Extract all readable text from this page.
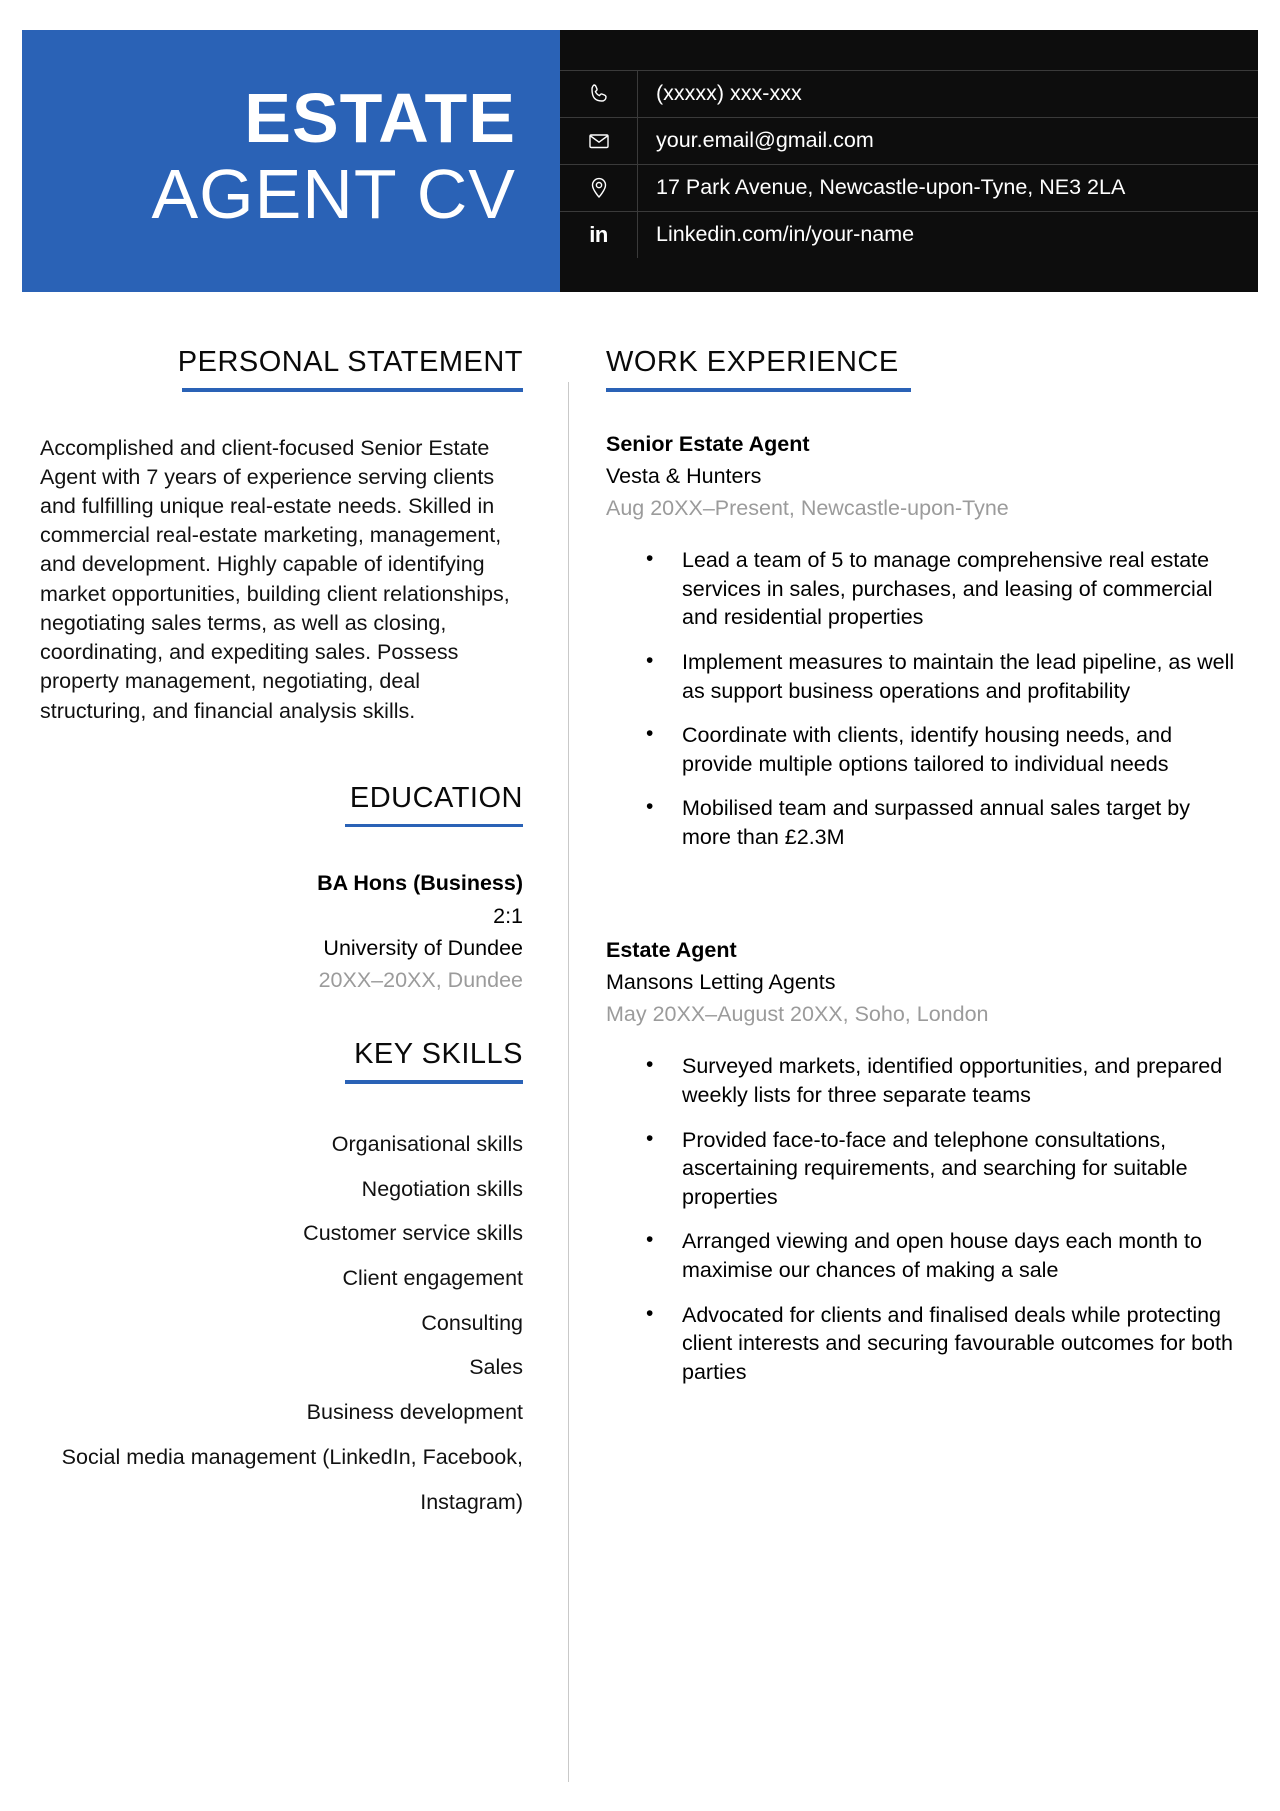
ESTATE
AGENT CV
(xxxxx) xxx-xxx
your.email@gmail.com
17 Park Avenue, Newcastle-upon-Tyne, NE3 2LA
in	Linkedin.com/in/your-name
PERSONAL STATEMENT

Accomplished and client-focused Senior Estate Agent with 7 years of experience serving clients and fulfilling unique real-estate needs. Skilled in commercial real-estate marketing, management, and development. Highly capable of identifying market opportunities, building client relationships, negotiating sales terms, as well as closing, coordinating, and expediting sales. Possess property management, negotiating, deal structuring, and financial analysis skills.

EDUCATION
BA Hons (Business)
2:1
University of Dundee
20XX–20XX, Dundee
KEY SKILLS
Organisational skills
Negotiation skills
Customer service skills
Client engagement
Consulting
Sales
Business development
Social media management (LinkedIn, Facebook, Instagram)
WORK EXPERIENCE
Senior Estate Agent
Vesta & Hunters
Aug 20XX–Present, Newcastle-upon-Tyne
• Lead a team of 5 to manage comprehensive real estate services in sales, purchases, and leasing of commercial and residential properties
• Implement measures to maintain the lead pipeline, as well as support business operations and profitability
• Coordinate with clients, identify housing needs, and provide multiple options tailored to individual needs
• Mobilised team and surpassed annual sales target by more than £2.3M
Estate Agent
Mansons Letting Agents
May 20XX–August 20XX, Soho, London
• Surveyed markets, identified opportunities, and prepared weekly lists for three separate teams
• Provided face-to-face and telephone consultations, ascertaining requirements, and searching for suitable properties
• Arranged viewing and open house days each month to maximise our chances of making a sale
• Advocated for clients and finalised deals while protecting client interests and securing favourable outcomes for both parties
